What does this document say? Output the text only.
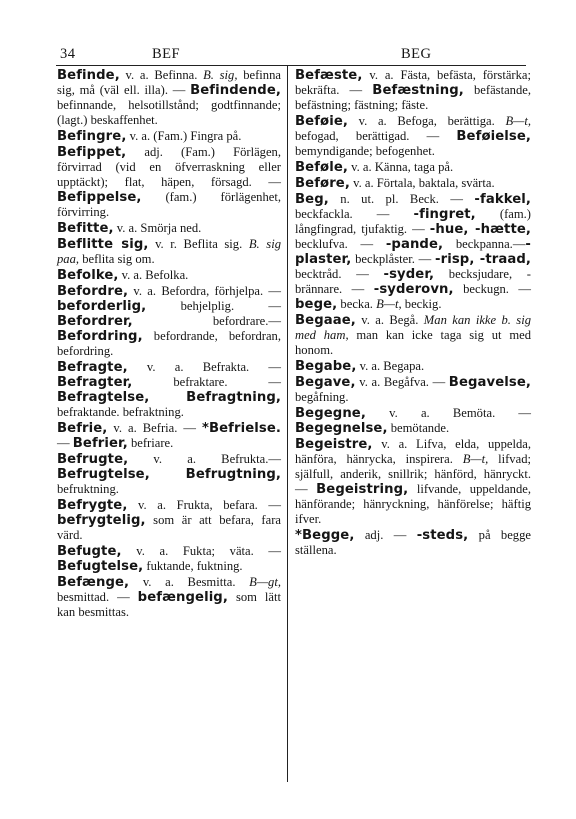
34	BEF	BEG
Befinde, v. a. Befinna. B. sig, befinna sig, må (väl ell. illa). — Befindende, befinnande, helsotillstånd; godtfinnande; (lagt.) beskaffenhet.
Befingre, v. a. (Fam.) Fingra på.
Befippet, adj. (Fam.) Förlägen, förvirrad (vid en öfverraskning eller upptäckt); flat, häpen, försagd. — Befippelse, (fam.) förlägenhet, förvirring.
Befitte, v. a. Smörja ned.
Beflitte sig, v. r. Beflita sig. B. sig paa, beflita sig om.
Befolke, v. a. Befolka.
Befordre, v. a. Befordra, förhjelpa. — beforderlig, behjelplig. — Befordrer, befordrare.— Befordring, befordrande, befordran, befordring.
Befragte, v. a. Befrakta. — Befragter, befraktare. — Befragtelse, Befragtning, befraktande. befraktning.
Befrie, v. a. Befria. — *Befrielse. — Befrier, befriare.
Befrugte, v. a. Befrukta.— Befrugtelse, Befrugtning, befruktning.
Befrygte, v. a. Frukta, befara. — befrygtelig, som är att befara, fara värd.
Befugte, v. a. Fukta; väta. — Befugtelse, fuktande, fuktning.
Befænge, v. a. Besmitta. B—gt, besmittad. — befængelig, som lätt kan besmittas.
Befæste, v. a. Fästa, befästa, förstärka; bekräfta. — Befæstning, befästande, befästning; fästning; fäste.
Beføie, v. a. Befoga, berättiga. B—t, befogad, berättigad. — Beføielse, bemyndigande; befogenhet.
Beføle, v. a. Känna, taga på.
Beføre, v. a. Förtala, baktala, svärta.
Beg, n. ut. pl. Beck. — -fakkel, beckfackla. — -fingret, (fam.) långfingrad, tjufaktig. — -hue, -hætte, becklufva. — -pande, beckpanna.—-plaster, beckplåster. — -risp, -traad, becktråd. — -syder, becksjudare, -brännare. — -syderovn, beckugn. — bege, becka. B—t, beckig.
Begaae, v. a. Begå. Man kan ikke b. sig med ham, man kan icke taga sig ut med honom.
Begabe, v. a. Begapa.
Begave, v. a. Begåfva. — Begavelse, begåfning.
Begegne, v. a. Bemöta. — Begegnelse, bemötande.
Begeistre, v. a. Lifva, elda, uppelda, hänföra, hänrycka, inspirera. B—t, lifvad; själfull, anderik, snillrik; hänförd, hänryckt. — Begeistring, lifvande, uppeldande, hänförande; hänryckning, hänförelse; häftig ifver.
*Begge, adj. — -steds, på begge ställena.
